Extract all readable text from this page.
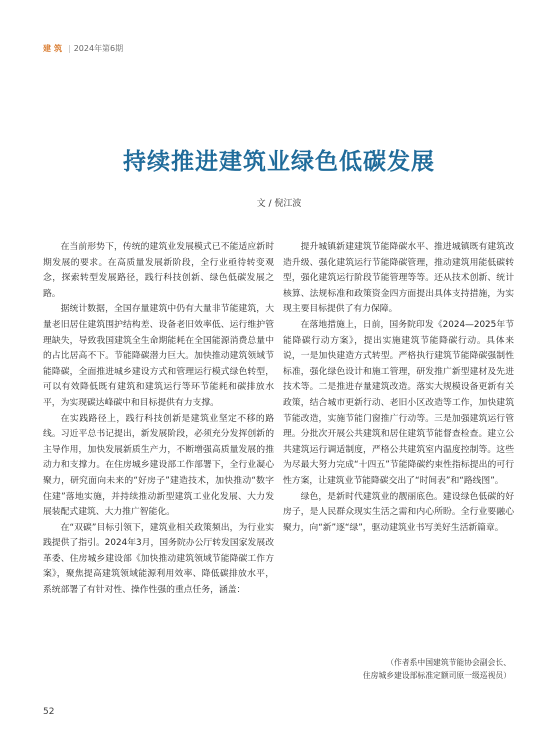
建筑 | 2024年第6期
持续推进建筑业绿色低碳发展
文 / 倪江波

在当前形势下，传统的建筑业发展模式已不能适应新时期发展的要求。在高质量发展新阶段，全行业亟待转变观念，探索转型发展路径，践行科技创新、绿色低碳发展之路。

据统计数据，全国存量建筑中仍有大量非节能建筑，大量老旧居住建筑围护结构差、设备老旧效率低、运行维护管理缺失，导致我国建筑全生命期能耗在全国能源消费总量中的占比居高不下。节能降碳潜力巨大。加快推动建筑领域节能降碳，全面推进城乡建设方式和管理运行模式绿色转型，可以有效降低既有建筑和建筑运行等环节能耗和碳排放水平，为实现碳达峰碳中和目标提供有力支撑。

在实践路径上，践行科技创新是建筑业坚定不移的路线。习近平总书记提出，新发展阶段，必须充分发挥创新的主导作用，加快发展新质生产力，不断增强高质量发展的推动力和支撑力。在住房城乡建设部工作部署下，全行业凝心聚力，研究面向未来的“好房子”建造技术，加快推动“数字住建”落地实施，并持续推动新型建筑工业化发展、大力发展装配式建筑、大力推广智能化。

在“双碳”目标引领下，建筑业相关政策频出，为行业实践提供了指引。2024年3月，国务院办公厅转发国家发展改革委、住房城乡建设部《加快推动建筑领域节能降碳工作方案》，聚焦提高建筑领域能源利用效率、降低碳排放水平，系统部署了有针对性、操作性强的重点任务，涵盖：

提升城镇新建建筑节能降碳水平、推进城镇既有建筑改造升级、强化建筑运行节能降碳管理，推动建筑用能低碳转型，强化建筑运行阶段节能管理等等。还从技术创新、统计核算、法规标准和政策资金四方面提出具体支持措施，为实现主要目标提供了有力保障。

在落地措施上，日前，国务院印发《2024—2025年节能降碳行动方案》，提出实施建筑节能降碳行动。具体来说，一是加快建造方式转型。严格执行建筑节能降碳强制性标准，强化绿色设计和施工管理，研发推广新型建材及先进技术等。二是推进存量建筑改造。落实大规模设备更新有关政策，结合城市更新行动、老旧小区改造等工作，加快建筑节能改造，实施节能门窗推广行动等。三是加强建筑运行管理。分批次开展公共建筑和居住建筑节能督查检查。建立公共建筑运行调适制度，严格公共建筑室内温度控制等。这些为尽最大努力完成“十四五”节能降碳约束性指标提出的可行性方案，让建筑业节能降碳交出了“时间表”和“路线图”。

绿色，是新时代建筑业的靓丽底色。建设绿色低碳的好房子，是人民群众现实生活之需和内心所盼。全行业要融心聚力，向“新”逐“绿”，驱动建筑业书写美好生活新篇章。

（作者系中国建筑节能协会副会长、
住房城乡建设部标准定额司原一级巡视员）
52
